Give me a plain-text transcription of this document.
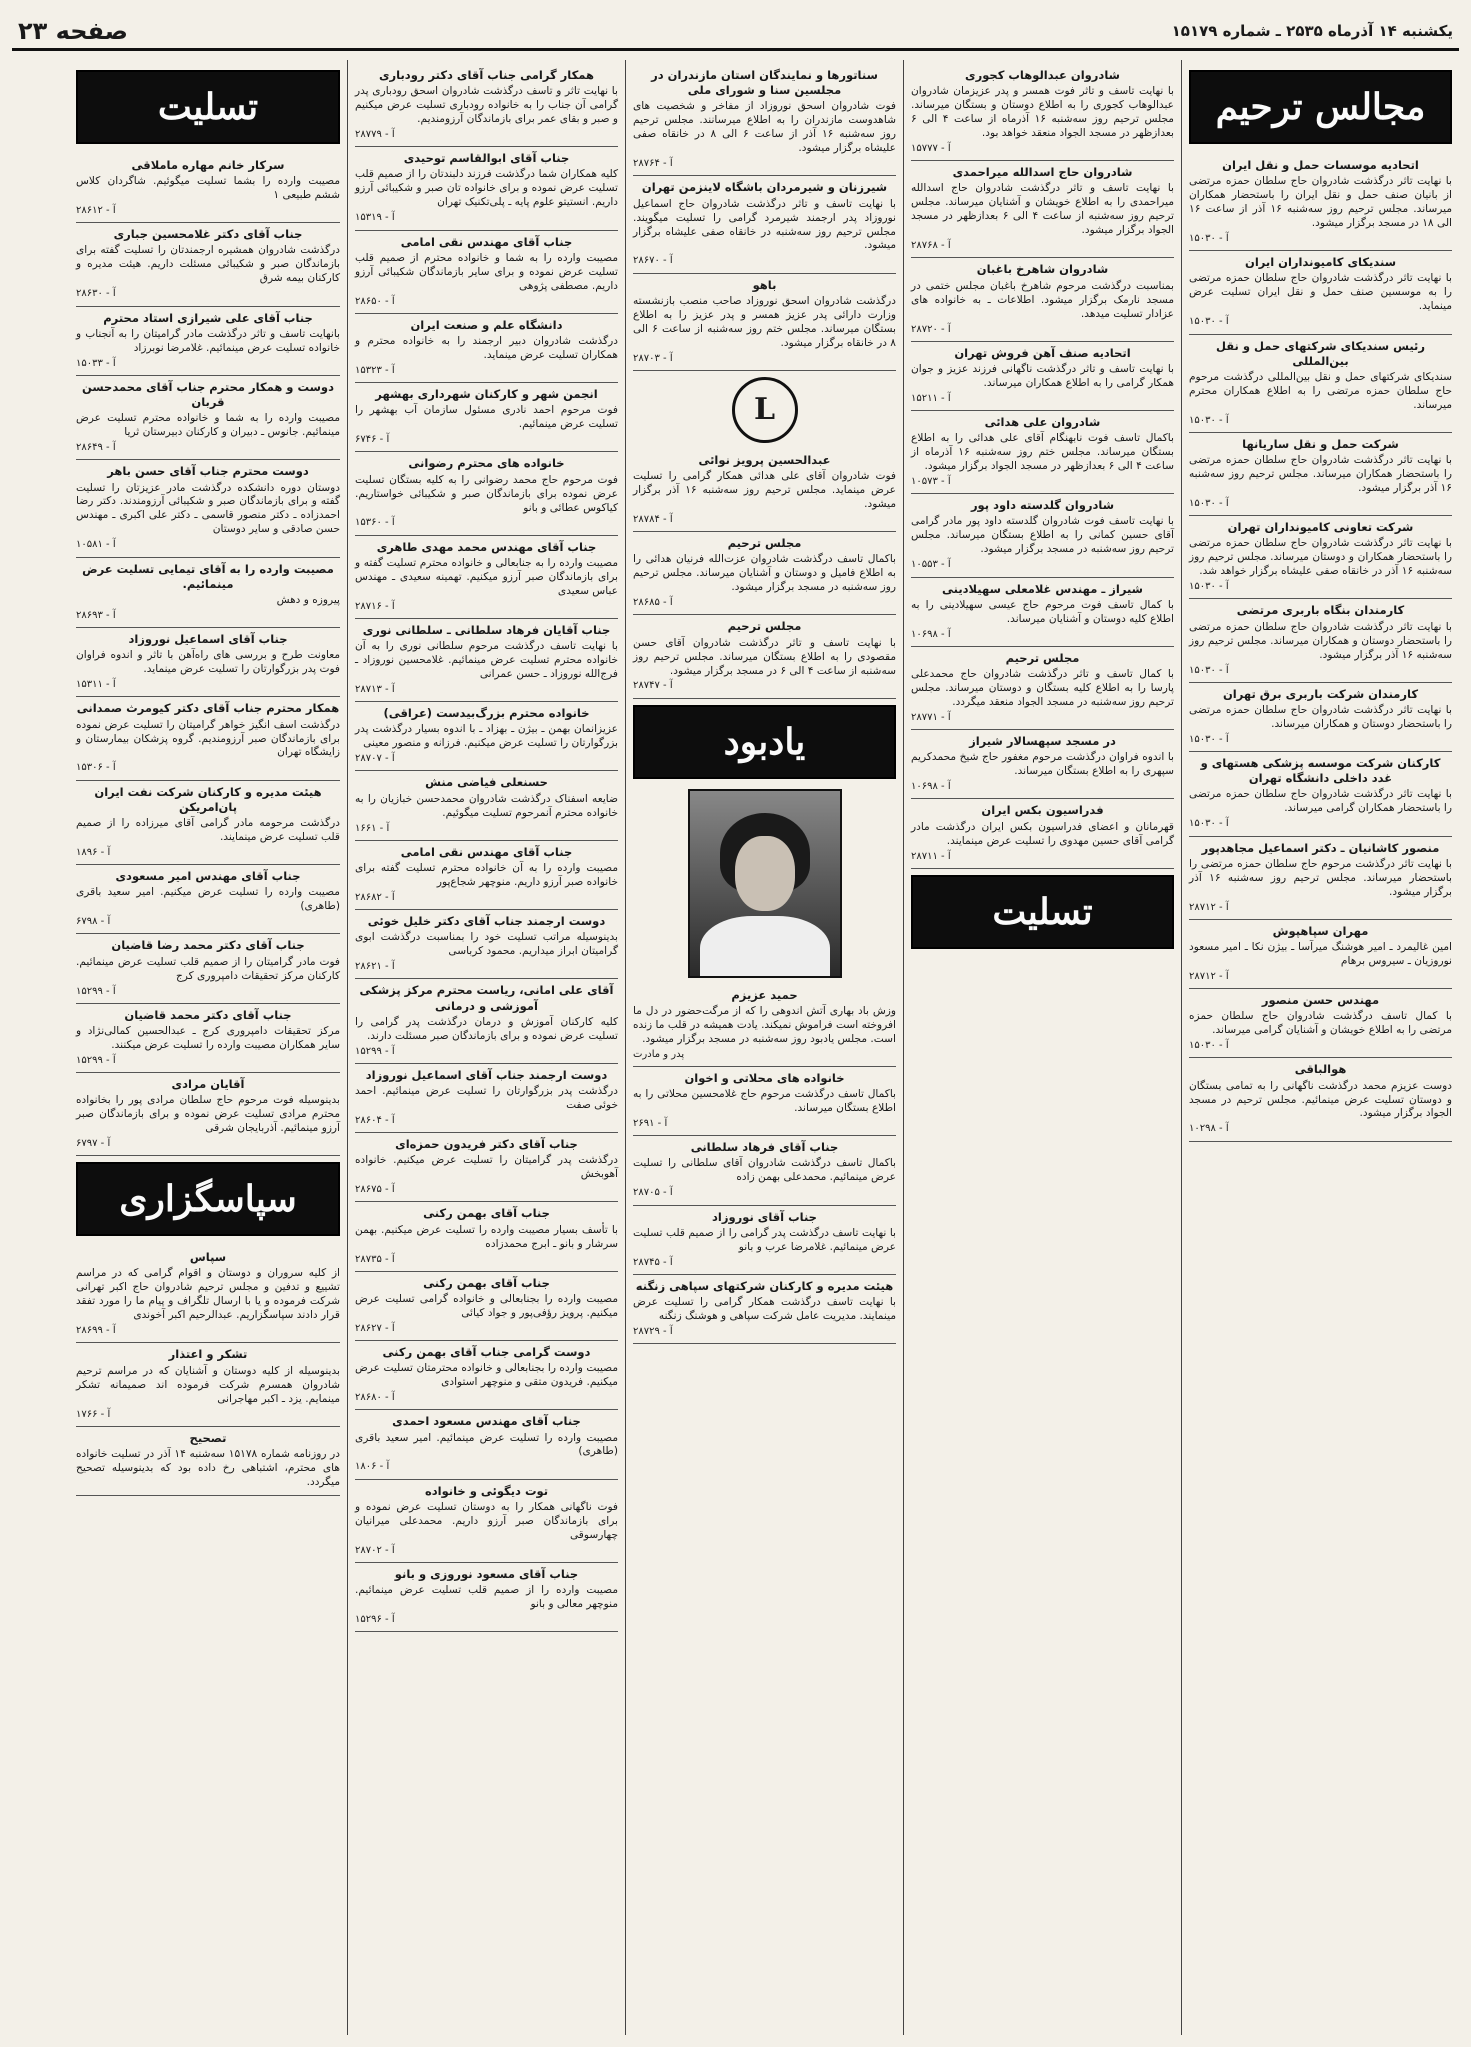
یکشنبه ۱۴ آذرماه ۲۵۳۵ ـ شماره ۱۵۱۷۹
صفحه ۲۳
مجالس ترحیم
اتحادیه موسسات حمل و نقل ایران
با نهایت تاثر درگذشت شادروان حاج سلطان حمزه مرتضی از بانیان صنف حمل و نقل ایران را باستحضار همکاران میرساند. مجلس ترحیم روز سه‌شنبه ۱۶ آذر از ساعت ۱۶ الی ۱۸ در مسجد برگزار میشود.
آ - ۱۵۰۳۰
سندیکای کامیونداران ایران
با نهایت تاثر درگذشت شادروان حاج سلطان حمزه مرتضی را به موسسین صنف حمل و نقل ایران تسلیت عرض مینماید.
آ - ۱۵۰۳۰
رئیس سندیکای شرکتهای حمل و نقل بین‌المللی
سندیکای شرکتهای حمل و نقل بین‌المللی درگذشت مرحوم حاج سلطان حمزه مرتضی را به اطلاع همکاران محترم میرساند.
آ - ۱۵۰۳۰
شرکت حمل و نقل ساریانها
با نهایت تاثر درگذشت شادروان حاج سلطان حمزه مرتضی را باستحضار همکاران میرساند. مجلس ترحیم روز سه‌شنبه ۱۶ آذر برگزار میشود.
آ - ۱۵۰۳۰
شرکت تعاونی کامیونداران تهران
با نهایت تاثر درگذشت شادروان حاج سلطان حمزه مرتضی را باستحضار همکاران و دوستان میرساند. مجلس ترحیم روز سه‌شنبه ۱۶ آذر در خانقاه صفی علیشاه برگزار خواهد شد.
آ - ۱۵۰۳۰
کارمندان بنگاه باربری مرتضی
با نهایت تاثر درگذشت شادروان حاج سلطان حمزه مرتضی را باستحضار دوستان و همکاران میرساند. مجلس ترحیم روز سه‌شنبه ۱۶ آذر برگزار میشود.
آ - ۱۵۰۳۰
کارمندان شرکت باربری برق تهران
با نهایت تاثر درگذشت شادروان حاج سلطان حمزه مرتضی را باستحضار دوستان و همکاران میرساند.
آ - ۱۵۰۳۰
کارکنان شرکت موسسه پزشکی هستهای و غدد داخلی دانشگاه تهران
با نهایت تاثر درگذشت شادروان حاج سلطان حمزه مرتضی را باستحضار همکاران گرامی میرساند.
آ - ۱۵۰۳۰
منصور کاشانیان ـ دکتر اسماعیل مجاهدپور
با نهایت تاثر درگذشت مرحوم حاج سلطان حمزه مرتضی را باستحضار میرساند. مجلس ترحیم روز سه‌شنبه ۱۶ آذر برگزار میشود.
آ - ۲۸۷۱۲
مهران سپاهپوش
امین غالیمرد ـ امیر هوشنگ میرآسا ـ بیژن نکا ـ امیر مسعود نوروزیان ـ سیروس برهام
آ - ۲۸۷۱۲
مهندس حسن منصور
با کمال تاسف درگذشت شادروان حاج سلطان حمزه مرتضی را به اطلاع خویشان و آشنایان گرامی میرساند.
آ - ۱۵۰۳۰
هوالباقی
دوست عزیزم محمد درگذشت ناگهانی را به تمامی بستگان و دوستان تسلیت عرض مینمائیم. مجلس ترحیم در مسجد الجواد برگزار میشود.
آ - ۱۰۲۹۸
شادروان عبدالوهاب کجوری
با نهایت تاسف و تاثر فوت همسر و پدر عزیزمان شادروان عبدالوهاب کجوری را به اطلاع دوستان و بستگان میرساند. مجلس ترحیم روز سه‌شنبه ۱۶ آذرماه از ساعت ۴ الی ۶ بعدازظهر در مسجد الجواد منعقد خواهد بود.
آ - ۱۵۷۷۷
شادروان حاج اسدالله میراحمدی
با نهایت تاسف و تاثر درگذشت شادروان حاج اسدالله میراحمدی را به اطلاع خویشان و آشنایان میرساند. مجلس ترحیم روز سه‌شنبه از ساعت ۴ الی ۶ بعدازظهر در مسجد الجواد برگزار میشود.
آ - ۲۸۷۶۸
شادروان شاهرخ باغبان
بمناسبت درگذشت مرحوم شاهرخ باغبان مجلس ختمی در مسجد نارمک برگزار میشود. اطلاعات ـ به خانواده های عزادار تسلیت میدهد.
آ - ۲۸۷۲۰
اتحادیه صنف آهن فروش تهران
با نهایت تاسف و تاثر درگذشت ناگهانی فرزند عزیز و جوان همکار گرامی را به اطلاع همکاران میرساند.
آ - ۱۵۲۱۱
شادروان علی هدائی
باکمال تاسف فوت نابهنگام آقای علی هدائی را به اطلاع بستگان میرساند. مجلس ختم روز سه‌شنبه ۱۶ آذرماه از ساعت ۴ الی ۶ بعدازظهر در مسجد الجواد برگزار میشود.
آ - ۱۰۵۷۳
شادروان گلدسته داود پور
با نهایت تاسف فوت شادروان گلدسته داود پور مادر گرامی آقای حسین کمانی را به اطلاع بستگان میرساند. مجلس ترحیم روز سه‌شنبه در مسجد برگزار میشود.
آ - ۱۰۵۵۳
شیراز ـ مهندس غلامعلی سهیلادینی
با کمال تاسف فوت مرحوم حاج عیسی سهیلادینی را به اطلاع کلیه دوستان و آشنایان میرساند.
آ - ۱۰۶۹۸
مجلس ترحیم
با کمال تاسف و تاثر درگذشت شادروان حاج محمدعلی پارسا را به اطلاع کلیه بستگان و دوستان میرساند. مجلس ترحیم روز سه‌شنبه در مسجد الجواد منعقد میگردد.
آ - ۲۸۷۷۱
در مسجد سپهسالار شیراز
با اندوه فراوان درگذشت مرحوم مغفور حاج شیخ محمدکریم سپهری را به اطلاع بستگان میرساند.
آ - ۱۰۶۹۸
فدراسیون بکس ایران
قهرمانان و اعضای فدراسیون بکس ایران درگذشت مادر گرامی آقای حسین مهدوی را تسلیت عرض مینمایند.
آ - ۲۸۷۱۱
تسلیت
سناتورها و نمایندگان استان مازندران در مجلسین سنا و شورای ملی
فوت شادروان اسحق نوروزاد از مفاخر و شخصیت های شاهدوست مازندران را به اطلاع میرسانند. مجلس ترحیم روز سه‌شنبه ۱۶ آذر از ساعت ۶ الی ۸ در خانقاه صفی علیشاه برگزار میشود.
آ - ۲۸۷۶۴
شیرزنان و شیرمردان باشگاه لاینزمن تهران
با نهایت تاسف و تاثر درگذشت شادروان حاج اسماعیل نوروزاد پدر ارجمند شیرمرد گرامی را تسلیت میگویند. مجلس ترحیم روز سه‌شنبه در خانقاه صفی علیشاه برگزار میشود.
آ - ۲۸۶۷۰
باهو
درگذشت شادروان اسحق نوروزاد صاحب منصب بازنشسته وزارت دارائی پدر عزیز همسر و پدر عزیز را به اطلاع بستگان میرساند. مجلس ختم روز سه‌شنبه از ساعت ۶ الی ۸ در خانقاه برگزار میشود.
آ - ۲۸۷۰۳
L
عبدالحسین پرویز نوائی
فوت شادروان آقای علی هدائی همکار گرامی را تسلیت عرض مینماید. مجلس ترحیم روز سه‌شنبه ۱۶ آذر برگزار میشود.
آ - ۲۸۷۸۴
مجلس ترحیم
باکمال تاسف درگذشت شادروان عزت‌الله فرنیان هدائی را به اطلاع فامیل و دوستان و آشنایان میرساند. مجلس ترحیم روز سه‌شنبه در مسجد برگزار میشود.
آ - ۲۸۶۸۵
مجلس ترحیم
با نهایت تاسف و تاثر درگذشت شادروان آقای حسن مقصودی را به اطلاع بستگان میرساند. مجلس ترحیم روز سه‌شنبه از ساعت ۴ الی ۶ در مسجد برگزار میشود.
آ - ۲۸۷۴۷
یادبود
حمید عزیزم
وزش باد بهاری آتش اندوهی را که از مرگت‌حضور در دل ما افروخته است فراموش نمیکند. یادت همیشه در قلب ما زنده است. مجلس یادبود روز سه‌شنبه در مسجد برگزار میشود.
پدر و مادرت
خانواده های محلاتی و اخوان
باکمال تاسف درگذشت مرحوم حاج غلامحسین محلاتی را به اطلاع بستگان میرساند.
آ - ۲۶۹۱
جناب آقای فرهاد سلطانی
باکمال تاسف درگذشت شادروان آقای سلطانی را تسلیت عرض مینمائیم. محمدعلی بهمن زاده
آ - ۲۸۷۰۵
جناب آقای نوروزاد
با نهایت تاسف درگذشت پدر گرامی را از صمیم قلب تسلیت عرض مینمائیم. غلامرضا عرب و بانو
آ - ۲۸۷۴۵
هیئت مدیره و کارکنان شرکتهای سپاهی زنگنه
با نهایت تاسف درگذشت همکار گرامی را تسلیت عرض مینمایند. مدیریت عامل شرکت سپاهی و هوشنگ زنگنه
آ - ۲۸۷۲۹
همکار گرامی جناب آقای دکتر رودباری
با نهایت تاثر و تاسف درگذشت شادروان اسحق رودباری پدر گرامی آن جناب را به خانواده رودباری تسلیت عرض میکنیم و صبر و بقای عمر برای بازماندگان آرزومندیم.
آ - ۲۸۷۷۹
جناب آقای ابوالقاسم توحیدی
کلیه همکاران شما درگذشت فرزند دلبندتان را از صمیم قلب تسلیت عرض نموده و برای خانواده تان صبر و شکیبائی آرزو داریم. انستیتو علوم پایه ـ پلی‌تکنیک تهران
آ - ۱۵۳۱۹
جناب آقای مهندس نقی امامی
مصیبت وارده را به شما و خانواده محترم از صمیم قلب تسلیت عرض نموده و برای سایر بازماندگان شکیبائی آرزو داریم. مصطفی پژوهی
آ - ۲۸۶۵۰
دانشگاه علم و صنعت ایران
درگذشت شادروان دبیر ارجمند را به خانواده محترم و همکاران تسلیت عرض مینماید.
آ - ۱۵۳۲۳
انجمن شهر و کارکنان شهرداری بهشهر
فوت مرحوم احمد نادری مسئول سازمان آب بهشهر را تسلیت عرض مینمائیم.
آ - ۶۷۴۶
خانواده های محترم رضوانی
فوت مرحوم حاج محمد رضوانی را به کلیه بستگان تسلیت عرض نموده برای بازماندگان صبر و شکیبائی خواستاریم. کیاکوس عطائی و بانو
آ - ۱۵۳۶۰
جناب آقای مهندس محمد مهدی طاهری
مصیبت وارده را به جنابعالی و خانواده محترم تسلیت گفته و برای بازماندگان صبر آرزو میکنیم. تهمینه سعیدی ـ مهندس عباس سعیدی
آ - ۲۸۷۱۶
جناب آقایان فرهاد سلطانی ـ سلطانی نوری
با نهایت تاسف درگذشت مرحوم سلطانی نوری را به آن خانواده محترم تسلیت عرض مینمائیم. غلامحسین نوروزاد ـ فرج‌الله نوروزاد ـ حسن عمرانی
آ - ۲۸۷۱۳
خانواده محترم بزرگ‌بیدست (عراقی)
عزیزانمان بهمن ـ بیژن ـ بهزاد ـ با اندوه بسیار درگذشت پدر بزرگوارتان را تسلیت عرض میکنیم. فرزانه و منصور معینی
آ - ۲۸۷۰۷
حسنعلی فیاضی منش
ضایعه اسفناک درگذشت شادروان محمدحسن خبازیان را به خانواده محترم آنمرحوم تسلیت میگوئیم.
آ - ۱۶۶۱
جناب آقای مهندس نقی امامی
مصیبت وارده را به آن خانواده محترم تسلیت گفته برای خانواده صبر آرزو داریم. منوچهر شجاع‌پور
آ - ۲۸۶۸۲
دوست ارجمند جناب آقای دکتر خلیل خوئی
بدینوسیله مراتب تسلیت خود را بمناسبت درگذشت ابوی گرامیتان ابراز میداریم. محمود کرباسی
آ - ۲۸۶۲۱
آقای علی امانی، ریاست محترم مرکز پزشکی آموزشی و درمانی
کلیه کارکنان آموزش و درمان درگذشت پدر گرامی را تسلیت عرض نموده و برای بازماندگان صبر مسئلت دارند.
آ - ۱۵۲۹۹
دوست ارجمند جناب آقای اسماعیل نوروزاد
درگذشت پدر بزرگوارتان را تسلیت عرض مینمائیم. احمد خوئی صفت
آ - ۲۸۶۰۴
جناب آقای دکتر فریدون حمزه‌ای
درگذشت پدر گرامیتان را تسلیت عرض میکنیم. خانواده آهوبخش
آ - ۲۸۶۷۵
جناب آقای بهمن رکنی
با تأسف بسیار مصیبت وارده را تسلیت عرض میکنیم. بهمن سرشار و بانو ـ ابرج محمدزاده
آ - ۲۸۷۳۵
جناب آقای بهمن رکنی
مصیبت وارده را بجنابعالی و خانواده گرامی تسلیت عرض میکنیم. پرویز رؤفی‌پور و جواد کیائی
آ - ۲۸۶۲۷
دوست گرامی جناب آقای بهمن رکنی
مصیبت وارده را بجنابعالی و خانواده محترمتان تسلیت عرض میکنیم. فریدون متقی و منوچهر استوادی
آ - ۲۸۶۸۰
جناب آقای مهندس مسعود احمدی
مصیبت وارده را تسلیت عرض مینمائیم. امیر سعید باقری (طاهری)
آ - ۱۸۰۶
توت دیگوئی و خانواده
فوت ناگهانی همکار را به دوستان تسلیت عرض نموده و برای بازماندگان صبر آرزو داریم. محمدعلی میرانیان چهارسوقی
آ - ۲۸۷۰۲
جناب آقای مسعود نوروزی و بانو
مصیبت وارده را از صمیم قلب تسلیت عرض مینمائیم. منوچهر معالی و بانو
آ - ۱۵۲۹۶
تسلیت
سرکار خانم مهاره ماملاقی
مصیبت وارده را بشما تسلیت میگوئیم. شاگردان کلاس ششم طبیعی ۱
آ - ۲۸۶۱۲
جناب آقای دکتر غلامحسین جباری
درگذشت شادروان همشیره ارجمندتان را تسلیت گفته برای بازماندگان صبر و شکیبائی مسئلت داریم. هیئت مدیره و کارکنان بیمه شرق
آ - ۲۸۶۳۰
جناب آقای علی شیرازی استاد محترم
بانهایت تاسف و تاثر درگذشت مادر گرامیتان را به آنجناب و خانواده تسلیت عرض مینمائیم. غلامرضا نوبرزاد
آ - ۱۵۰۳۳
دوست و همکار محترم جناب آقای محمدحسن قربان
مصیبت وارده را به شما و خانواده محترم تسلیت عرض مینمائیم. جانوس ـ دبیران و کارکنان دبیرستان ثریا
آ - ۲۸۶۴۹
دوست محترم جناب آقای حسن باهر
دوستان دوره دانشکده درگذشت مادر عزیزتان را تسلیت گفته و برای بازماندگان صبر و شکیبائی آرزومندند. دکتر رضا احمدزاده ـ دکتر منصور قاسمی ـ دکتر علی اکبری ـ مهندس حسن صادقی و سایر دوستان
آ - ۱۰۵۸۱
مصیبت وارده را به آقای تیمایی تسلیت عرض مینمائیم.
پیروزه و دهش
آ - ۲۸۶۹۳
جناب آقای اسماعیل نوروزاد
معاونت طرح و بررسی های راه‌آهن با تاثر و اندوه فراوان فوت پدر بزرگوارتان را تسلیت عرض مینماید.
آ - ۱۵۳۱۱
همکار محترم جناب آقای دکتر کیومرث صمدانی
درگذشت اسف انگیز خواهر گرامیتان را تسلیت عرض نموده برای بازماندگان صبر آرزومندیم. گروه پزشکان بیمارستان و زایشگاه تهران
آ - ۱۵۳۰۶
هیئت مدیره و کارکنان شرکت نفت ایران پان‌امریکن
درگذشت مرحومه مادر گرامی آقای میرزاده را از صمیم قلب تسلیت عرض مینمایند.
آ - ۱۸۹۶
جناب آقای مهندس امیر مسعودی
مصیبت وارده را تسلیت عرض میکنیم. امیر سعید باقری (طاهری)
آ - ۶۷۹۸
جناب آقای دکتر محمد رضا قاضیان
فوت مادر گرامیتان را از صمیم قلب تسلیت عرض مینمائیم. کارکنان مرکز تحقیقات دامپروری کرج
آ - ۱۵۲۹۹
جناب آقای دکتر محمد قاضیان
مرکز تحقیقات دامپروری کرج ـ عبدالحسین کمالی‌نژاد و سایر همکاران مصیبت وارده را تسلیت عرض میکنند.
آ - ۱۵۲۹۹
آقایان مرادی
بدینوسیله فوت مرحوم حاج سلطان مرادی پور را بخانواده محترم مرادی تسلیت عرض نموده و برای بازماندگان صبر آرزو مینمائیم. آذربایجان شرقی
آ - ۶۷۹۷
سپاسگزاری
سپاس
از کلیه سروران و دوستان و اقوام گرامی که در مراسم تشییع و تدفین و مجلس ترحیم شادروان حاج اکبر تهرانی شرکت فرموده و یا با ارسال تلگراف و پیام ما را مورد تفقد قرار دادند سپاسگزاریم. عبدالرحیم اکبر آخوندی
آ - ۲۸۶۹۹
تشکر و اعتذار
بدینوسیله از کلیه دوستان و آشنایان که در مراسم ترحیم شادروان همسرم شرکت فرموده اند صمیمانه تشکر مینمایم. یزد ـ اکبر مهاجرانی
آ - ۱۷۶۶
تصحیح
در روزنامه شماره ۱۵۱۷۸ سه‌شنبه ۱۴ آذر در تسلیت خانواده های محترم، اشتباهی رخ داده بود که بدینوسیله تصحیح میگردد.
